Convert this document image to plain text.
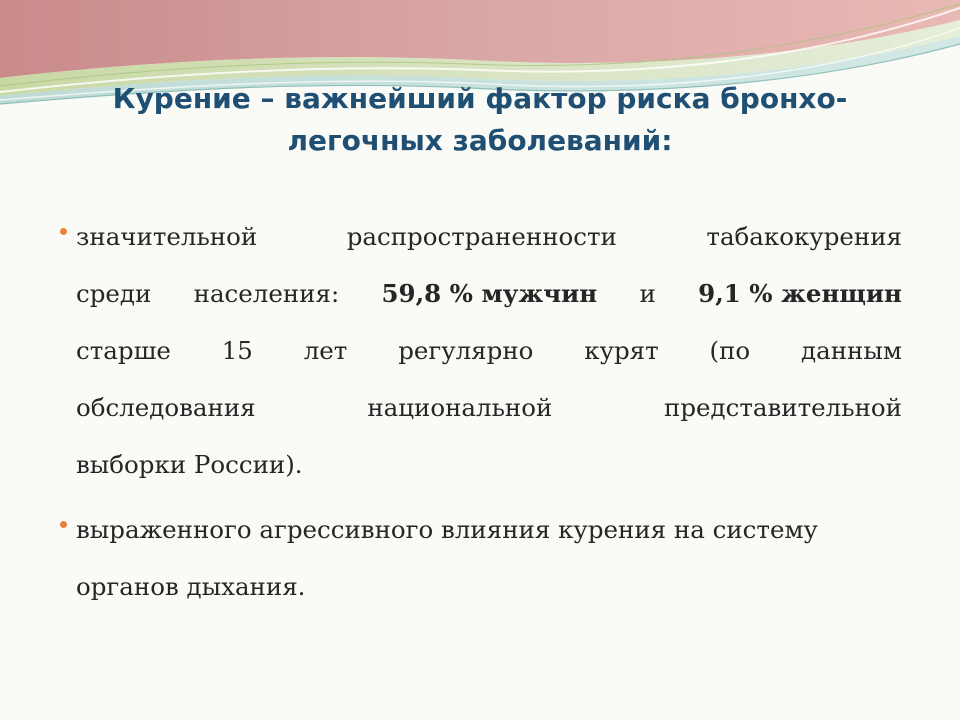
Курение – важнейший фактор риска бронхо-
легочных заболеваний:
значительной	распространенности	табакокурения
среди населения: 59,8 % мужчин и 9,1 % женщин
старше 15 лет регулярно курят (по данным
обследования	национальной	представительной
выборки России).
выраженного агрессивного влияния курения на систему
органов дыхания.
